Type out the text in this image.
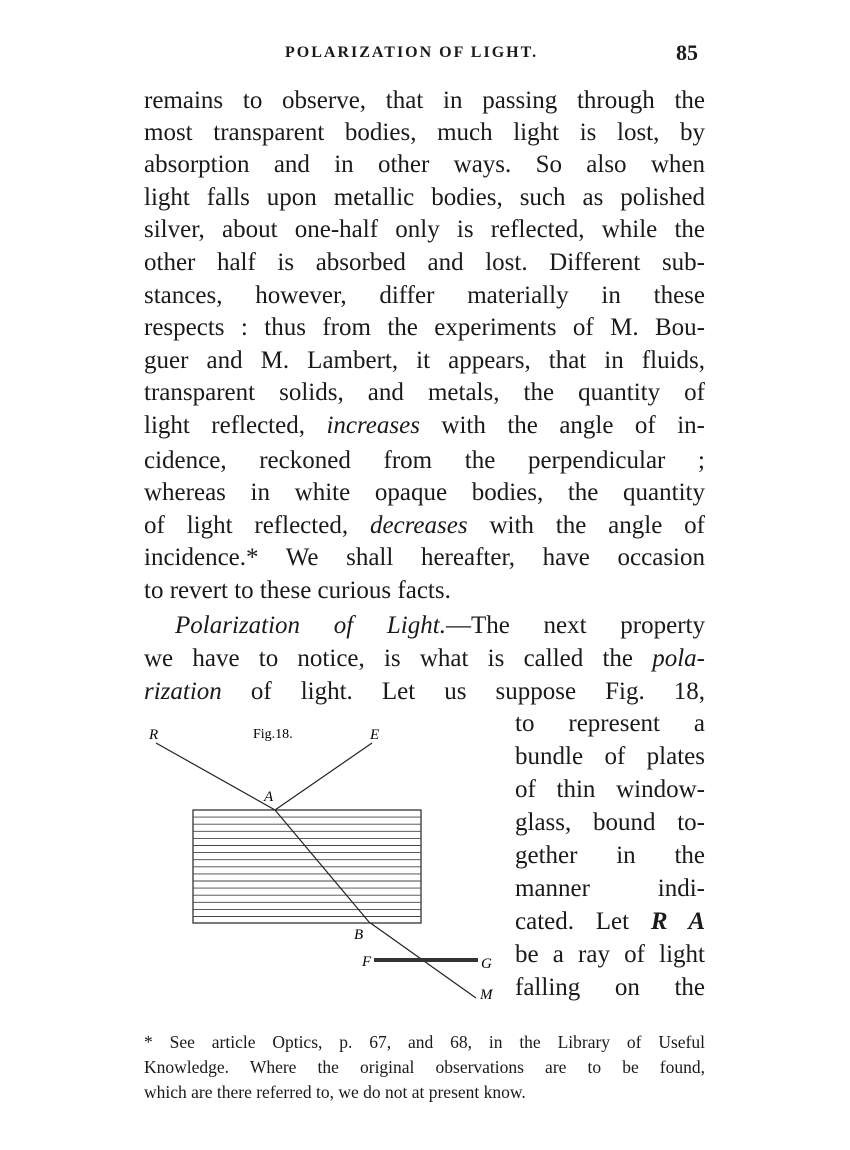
POLARIZATION OF LIGHT.	85
remains to observe, that in passing through the
most transparent bodies, much light is lost, by
absorption and in other ways. So also when
light falls upon metallic bodies, such as polished
silver, about one-half only is reflected, while the
other half is absorbed and lost. Different sub-
stances, however, differ materially in these
respects : thus from the experiments of M. Bou-
guer and M. Lambert, it appears, that in fluids,
transparent solids, and metals, the quantity of
light reflected, increases with the angle of in-
cidence, reckoned from the perpendicular ;
whereas in white opaque bodies, the quantity
of light reflected, decreases with the angle of
incidence.* We shall hereafter, have occasion
to revert to these curious facts.
Polarization of Light.—The next property
we have to notice, is what is called the pola-
rization of light. Let us suppose Fig. 18,
to represent a
bundle of plates
of thin window-
glass, bound to-
gether in the
manner indi-
cated. Let R A
be a ray of light
falling on the
Fig.18.
R	E
A
B
F	G
M
* See article Optics, p. 67, and 68, in the Library of Useful
Knowledge. Where the original observations are to be found,
which are there referred to, we do not at present know.
